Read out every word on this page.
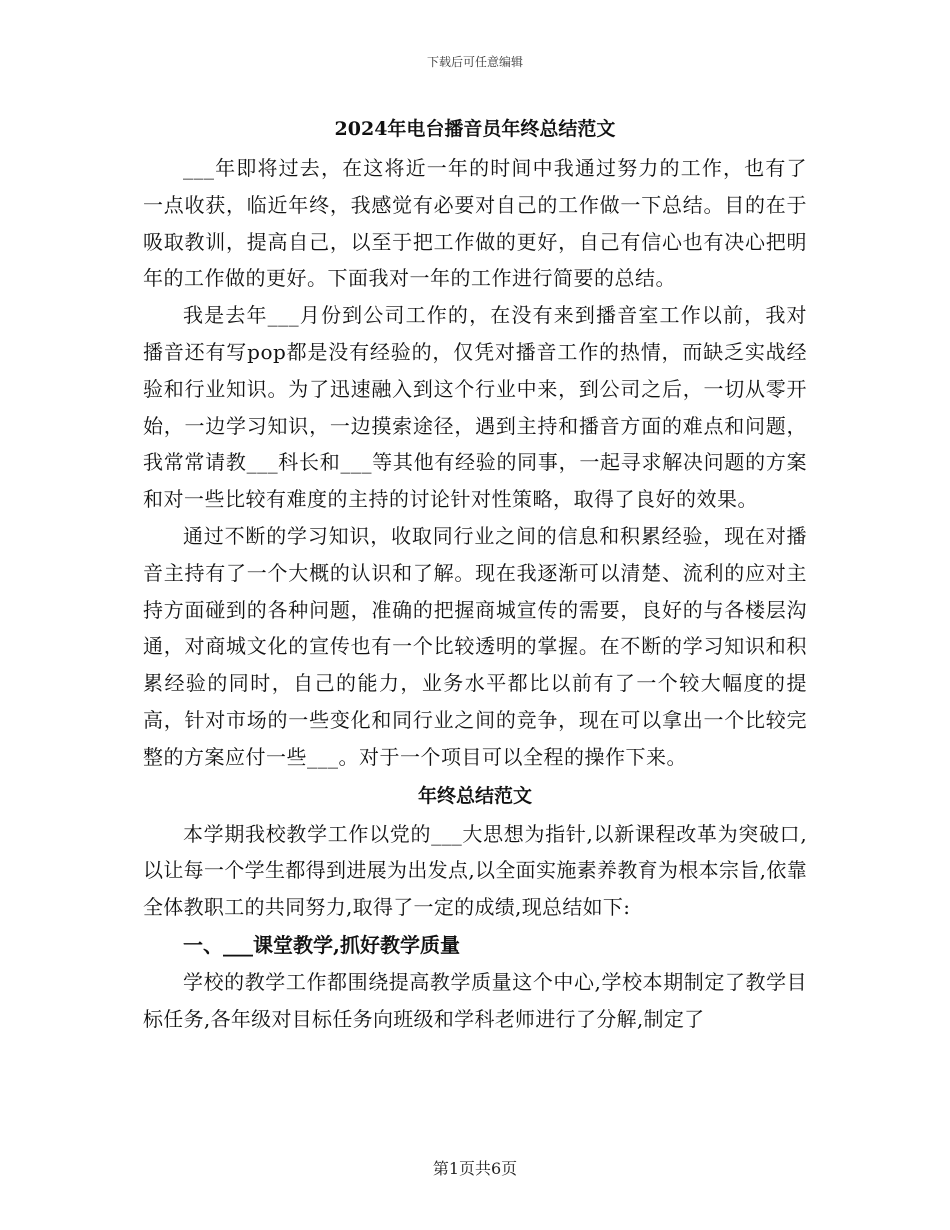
下载后可任意编辑
2024年电台播音员年终总结范文

___年即将过去，在这将近一年的时间中我通过努力的工作，也有了一点收获，临近年终，我感觉有必要对自己的工作做一下总结。目的在于吸取教训，提高自己，以至于把工作做的更好，自己有信心也有决心把明年的工作做的更好。下面我对一年的工作进行简要的总结。

我是去年___月份到公司工作的，在没有来到播音室工作以前，我对播音还有写pop都是没有经验的，仅凭对播音工作的热情，而缺乏实战经验和行业知识。为了迅速融入到这个行业中来，到公司之后，一切从零开始，一边学习知识，一边摸索途径，遇到主持和播音方面的难点和问题，我常常请教___科长和___等其他有经验的同事，一起寻求解决问题的方案和对一些比较有难度的主持的讨论针对性策略，取得了良好的效果。

通过不断的学习知识，收取同行业之间的信息和积累经验，现在对播音主持有了一个大概的认识和了解。现在我逐渐可以清楚、流利的应对主持方面碰到的各种问题，准确的把握商城宣传的需要，良好的与各楼层沟通，对商城文化的宣传也有一个比较透明的掌握。在不断的学习知识和积累经验的同时，自己的能力，业务水平都比以前有了一个较大幅度的提高，针对市场的一些变化和同行业之间的竞争，现在可以拿出一个比较完整的方案应付一些___。对于一个项目可以全程的操作下来。

年终总结范文

本学期我校教学工作以党的___大思想为指针,以新课程改革为突破口,以让每一个学生都得到进展为出发点,以全面实施素养教育为根本宗旨,依靠全体教职工的共同努力,取得了一定的成绩,现总结如下:

一、___课堂教学,抓好教学质量

学校的教学工作都围绕提高教学质量这个中心,学校本期制定了教学目标任务,各年级对目标任务向班级和学科老师进行了分解,制定了

第1页共6页
